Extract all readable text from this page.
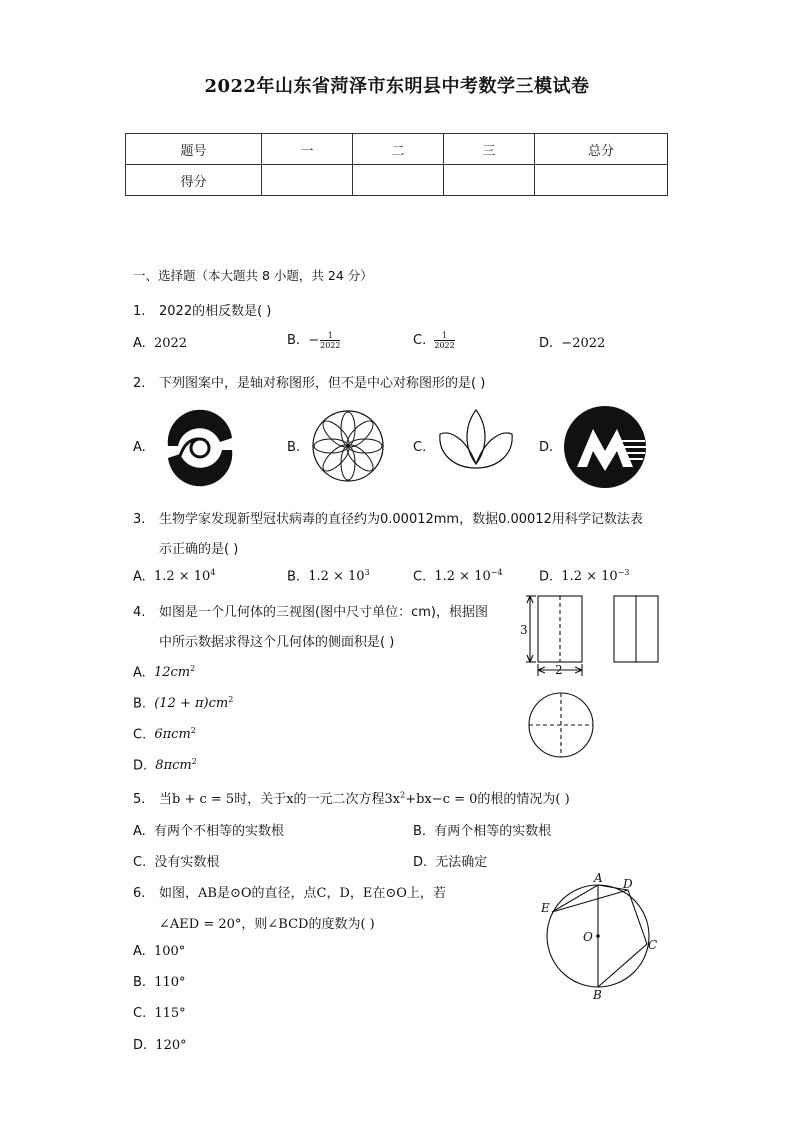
2022年山东省菏泽市东明县中考数学三模试卷
题号	一	二	三	总分
得分				
一、选择题（本大题共 8 小题，共 24 分）
1. 2022的相反数是( )
A. 2022	B. − $\frac{1}{2022}$	C. $\frac{1}{2022}$	D. −2022
2. 下列图案中，是轴对称图形，但不是中心对称图形的是( )
A.	B.	C.	D.
3. 生物学家发现新型冠状病毒的直径约为0.00012mm，数据0.00012用科学记数法表
示正确的是( )
A. $1.2 \times 10^4$	B. $1.2 \times 10^3$	C. $1.2 \times 10^{-4}$	D. $1.2 \times 10^{-3}$
4. 如图是一个几何体的三视图(图中尺寸单位：cm)，根据图
中所示数据求得这个几何体的侧面积是( )
A. $12cm^2$
B. $(12 + \pi)cm^2$
C. 6πcm$^2$
D. 8πcm$^2$
3
2
5. 当b + c = 5时，关于x的一元二次方程$3x^2+bx-c = 0$的根的情况为( )
A. 有两个不相等的实数根	B. 有两个相等的实数根
C. 没有实数根	D. 无法确定
6. 如图，AB是⊙O的直径，点C，D，E在⊙O上，若
∠AED = 20°，则∠BCD的度数为( )
A. 100°
B. 110°
C. 115°
D. 120°
A
B
C
D
E
O
